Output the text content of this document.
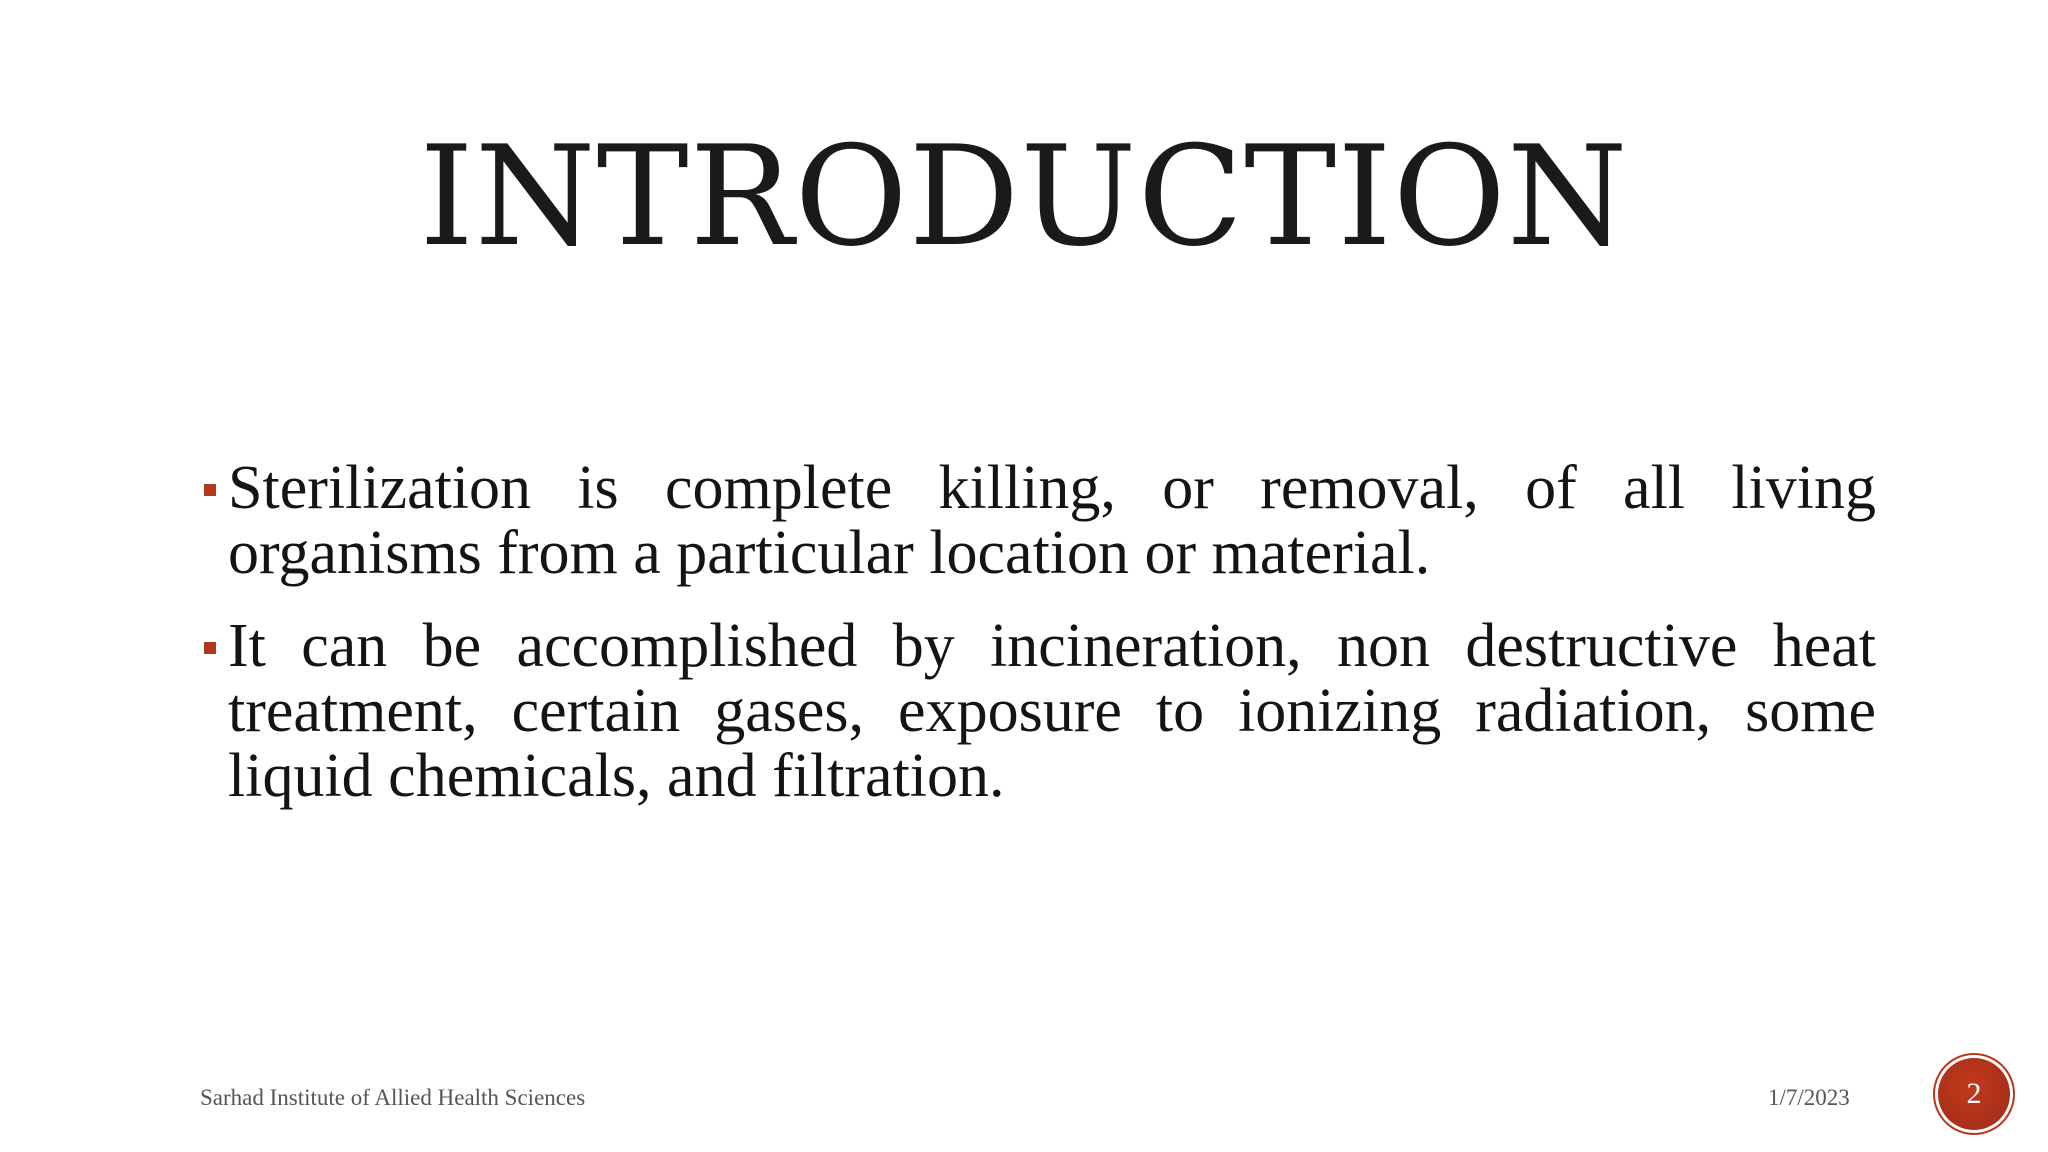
INTRODUCTION
Sterilization is complete killing, or removal, of all living organisms from a particular location or material.
It can be accomplished by incineration, non destructive heat treatment, certain gases, exposure to ionizing radiation, some liquid chemicals, and filtration.
Sarhad Institute of Allied Health Sciences	1/7/2023	2
